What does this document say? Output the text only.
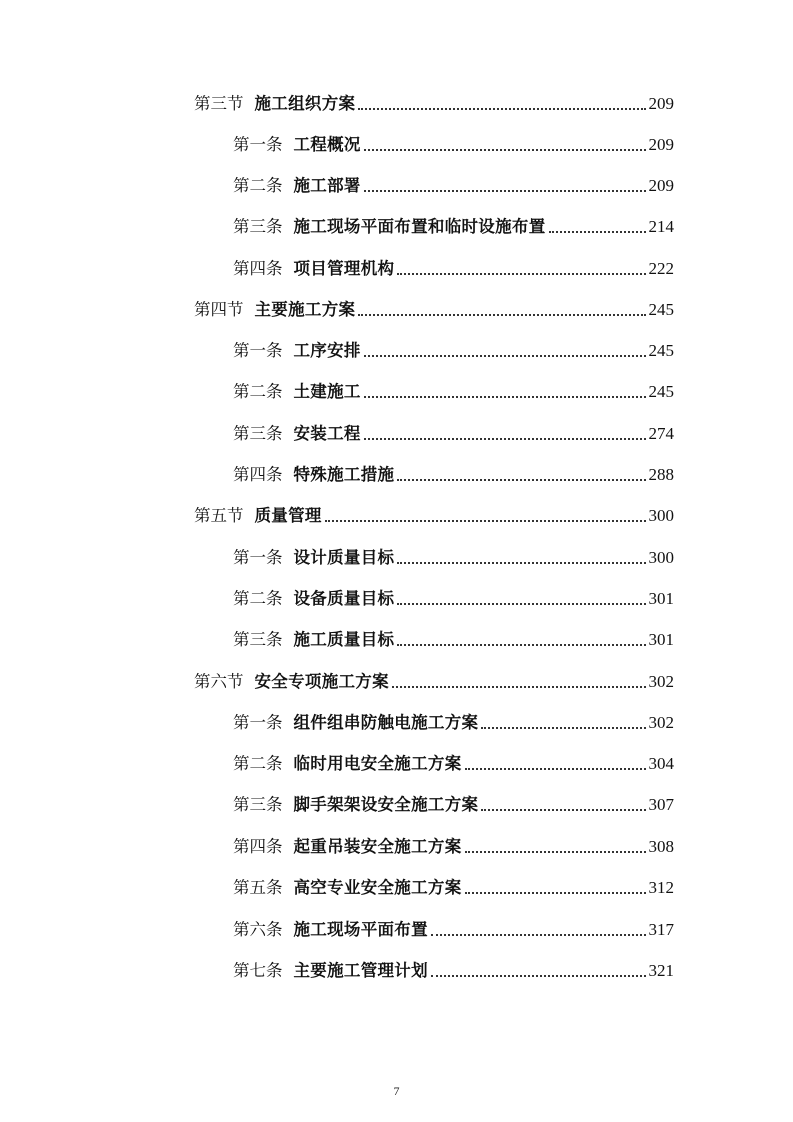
第三节 施工组织方案	209
第一条 工程概况	209
第二条 施工部署	209
第三条 施工现场平面布置和临时设施布置	214
第四条 项目管理机构	222
第四节 主要施工方案	245
第一条 工序安排	245
第二条 土建施工	245
第三条 安装工程	274
第四条 特殊施工措施	288
第五节 质量管理	300
第一条 设计质量目标	300
第二条 设备质量目标	301
第三条 施工质量目标	301
第六节 安全专项施工方案	302
第一条 组件组串防触电施工方案	302
第二条 临时用电安全施工方案	304
第三条 脚手架架设安全施工方案	307
第四条 起重吊装安全施工方案	308
第五条 高空专业安全施工方案	312
第六条 施工现场平面布置	317
第七条 主要施工管理计划	321
7
